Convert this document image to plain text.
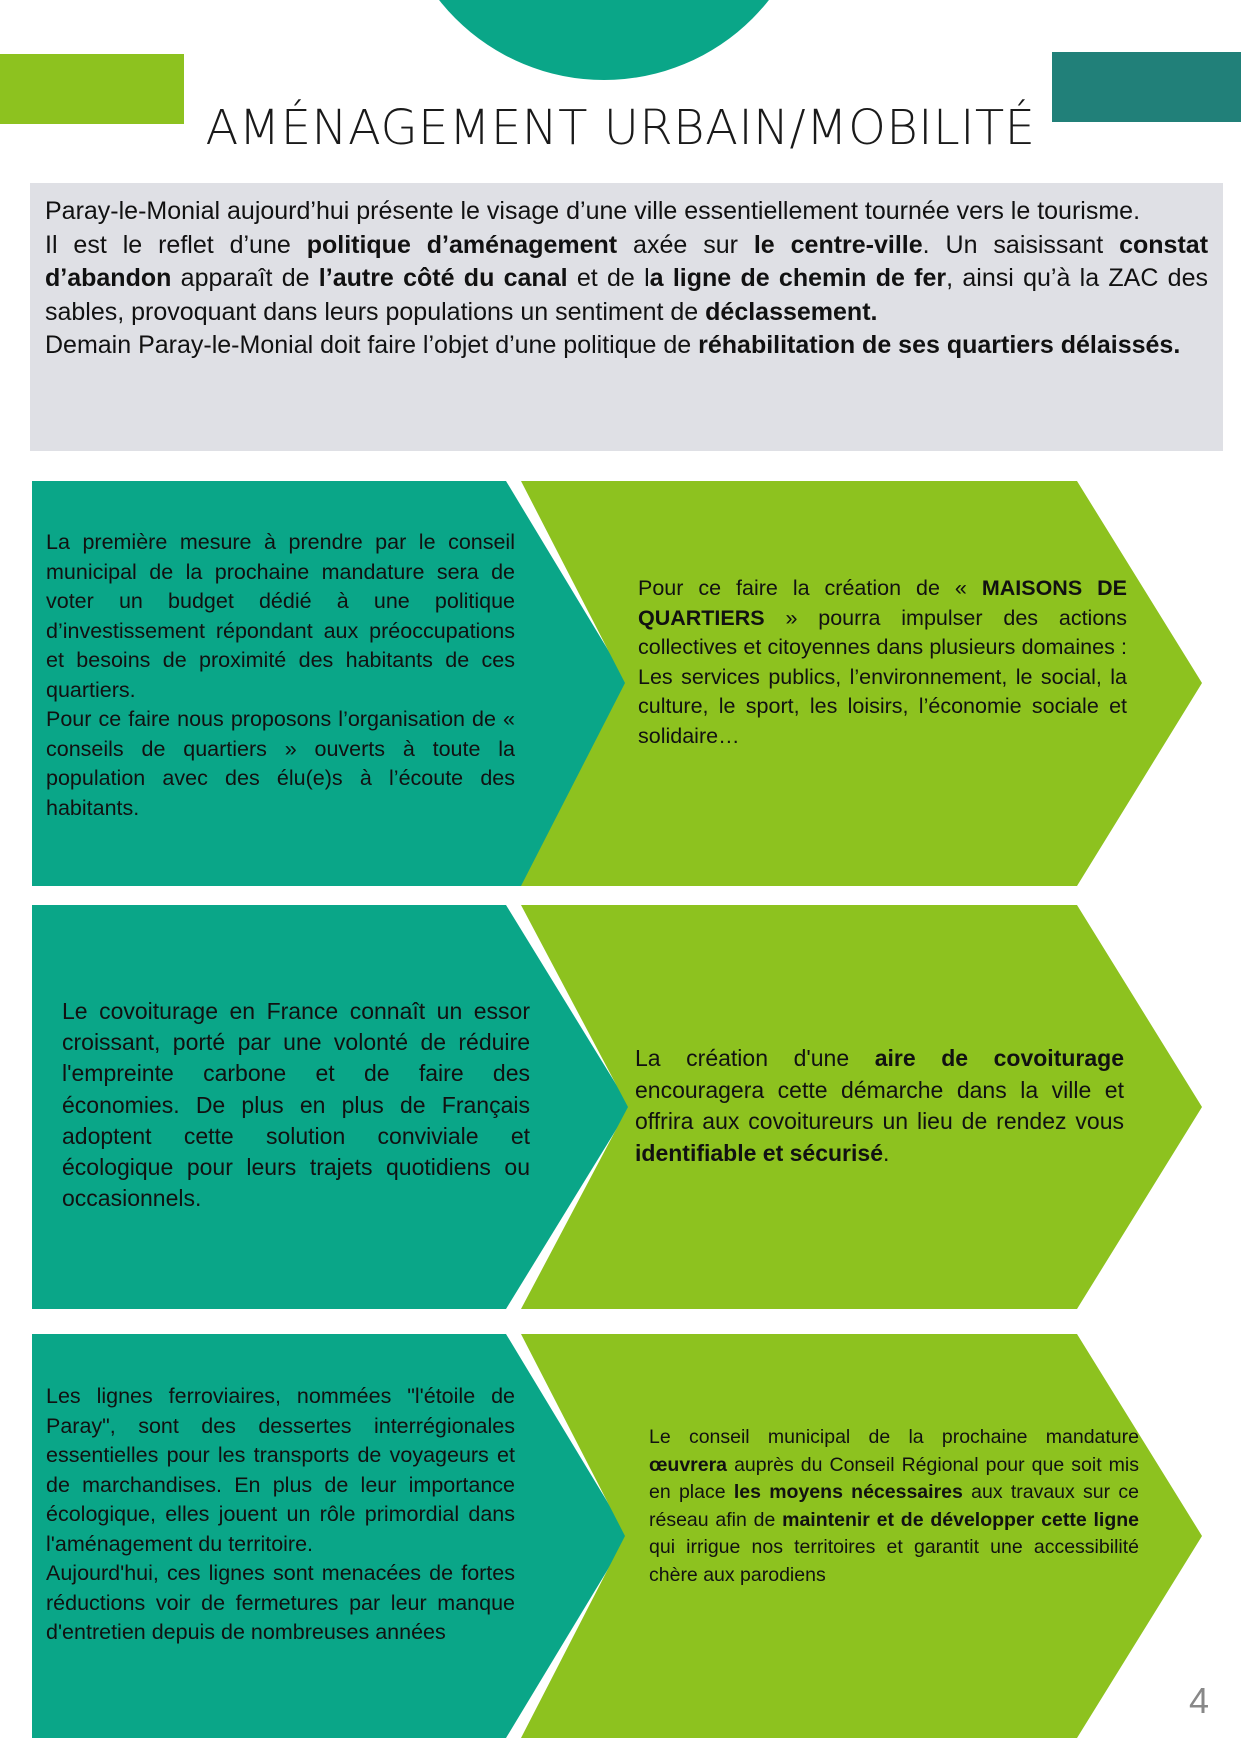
AMÉNAGEMENT URBAIN/MOBILITÉ

Paray-le-Monial aujourd’hui présente le visage d’une ville essentiellement tournée vers le tourisme.

Il est le reflet d’une politique d’aménagement axée sur le centre-ville. Un saisissant constat d’abandon apparaît de l’autre côté du canal et de la ligne de chemin de fer, ainsi qu’à la ZAC des sables, provoquant dans leurs populations un sentiment de déclassement.

Demain Paray-le-Monial doit faire l’objet d’une politique de réhabilitation de ses quartiers délaissés.

La première mesure à prendre par le conseil municipal de la prochaine mandature sera de voter un budget dédié à une politique d’investissement répondant aux préoccupations et besoins de proximité des habitants de ces quartiers.

Pour ce faire nous proposons l’organisation de « conseils de quartiers » ouverts à toute la population avec des élu(e)s à l’écoute des habitants.

Pour ce faire la création de « MAISONS DE QUARTIERS » pourra impulser des actions collectives et citoyennes dans plusieurs domaines : Les services publics, l’environnement, le social, la culture, le sport, les loisirs, l’économie sociale et solidaire…

Le covoiturage en France connaît un essor croissant, porté par une volonté de réduire l'empreinte carbone et de faire des économies. De plus en plus de Français adoptent cette solution conviviale et écologique pour leurs trajets quotidiens ou occasionnels.

La création d'une aire de covoiturage encouragera cette démarche dans la ville et offrira aux covoitureurs un lieu de rendez vous identifiable et sécurisé.

Les lignes ferroviaires, nommées "l'étoile de Paray", sont des dessertes interrégionales essentielles pour les transports de voyageurs et de marchandises. En plus de leur importance écologique, elles jouent un rôle primordial dans l'aménagement du territoire.

Aujourd'hui, ces lignes sont menacées de fortes réductions voir de fermetures par leur manque d'entretien depuis de nombreuses années

Le conseil municipal de la prochaine mandature œuvrera auprès du Conseil Régional pour que soit mis en place les moyens nécessaires aux travaux sur ce réseau afin de maintenir et de développer cette ligne qui irrigue nos territoires et garantit une accessibilité chère aux parodiens

4
